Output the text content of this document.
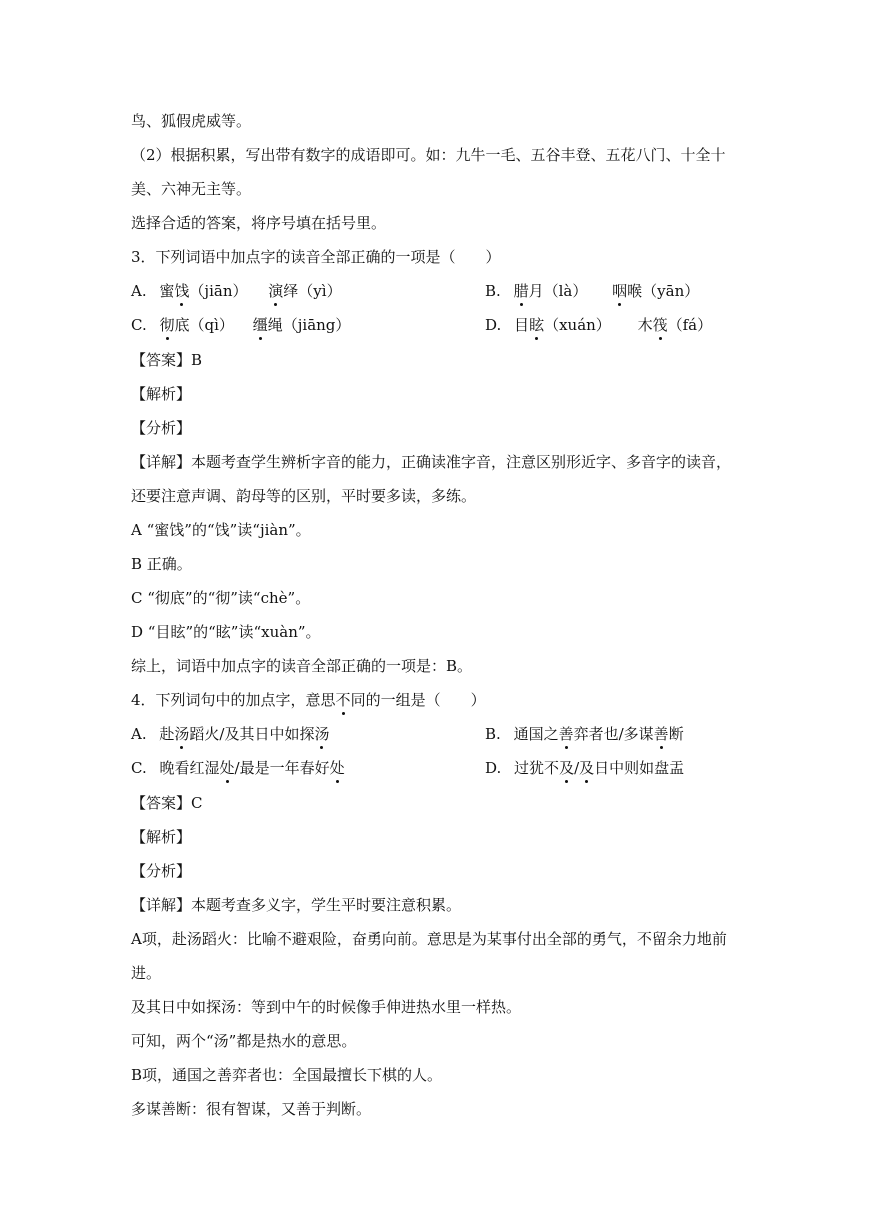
鸟、狐假虎威等。
（2）根据积累，写出带有数字的成语即可。如：九牛一毛、五谷丰登、五花八门、十全十
美、六神无主等。
选择合适的答案，将序号填在括号里。
3．下列词语中加点字的读音全部正确的一项是（　　）
A. 蜜饯（jiān） 演绎（yì）	B. 腊月（là） 咽喉（yān）
C. 彻底（qì） 缰绳（jiāng）	D. 目眩（xuán） 木筏（fá）
【答案】B
【解析】
【分析】
【详解】本题考查学生辨析字音的能力，正确读准字音，注意区别形近字、多音字的读音，
还要注意声调、韵母等的区别，平时要多读，多练。
A “蜜饯”的“饯”读“jiàn”。
B 正确。
C “彻底”的“彻”读“chè”。
D “目眩”的“眩”读“xuàn”。
综上，词语中加点字的读音全部正确的一项是：B。
4．下列词句中的加点字，意思不同的一组是（　　）
A. 赴汤蹈火/及其日中如探汤	B. 通国之善弈者也/多谋善断
C. 晚看红湿处/最是一年春好处	D. 过犹不及/及日中则如盘盂
【答案】C
【解析】
【分析】
【详解】本题考查多义字，学生平时要注意积累。
A项，赴汤蹈火：比喻不避艰险，奋勇向前。意思是为某事付出全部的勇气，不留余力地前
进。
及其日中如探汤：等到中午的时候像手伸进热水里一样热。
可知，两个“汤”都是热水的意思。
B项，通国之善弈者也：全国最擅长下棋的人。
多谋善断：很有智谋，又善于判断。
